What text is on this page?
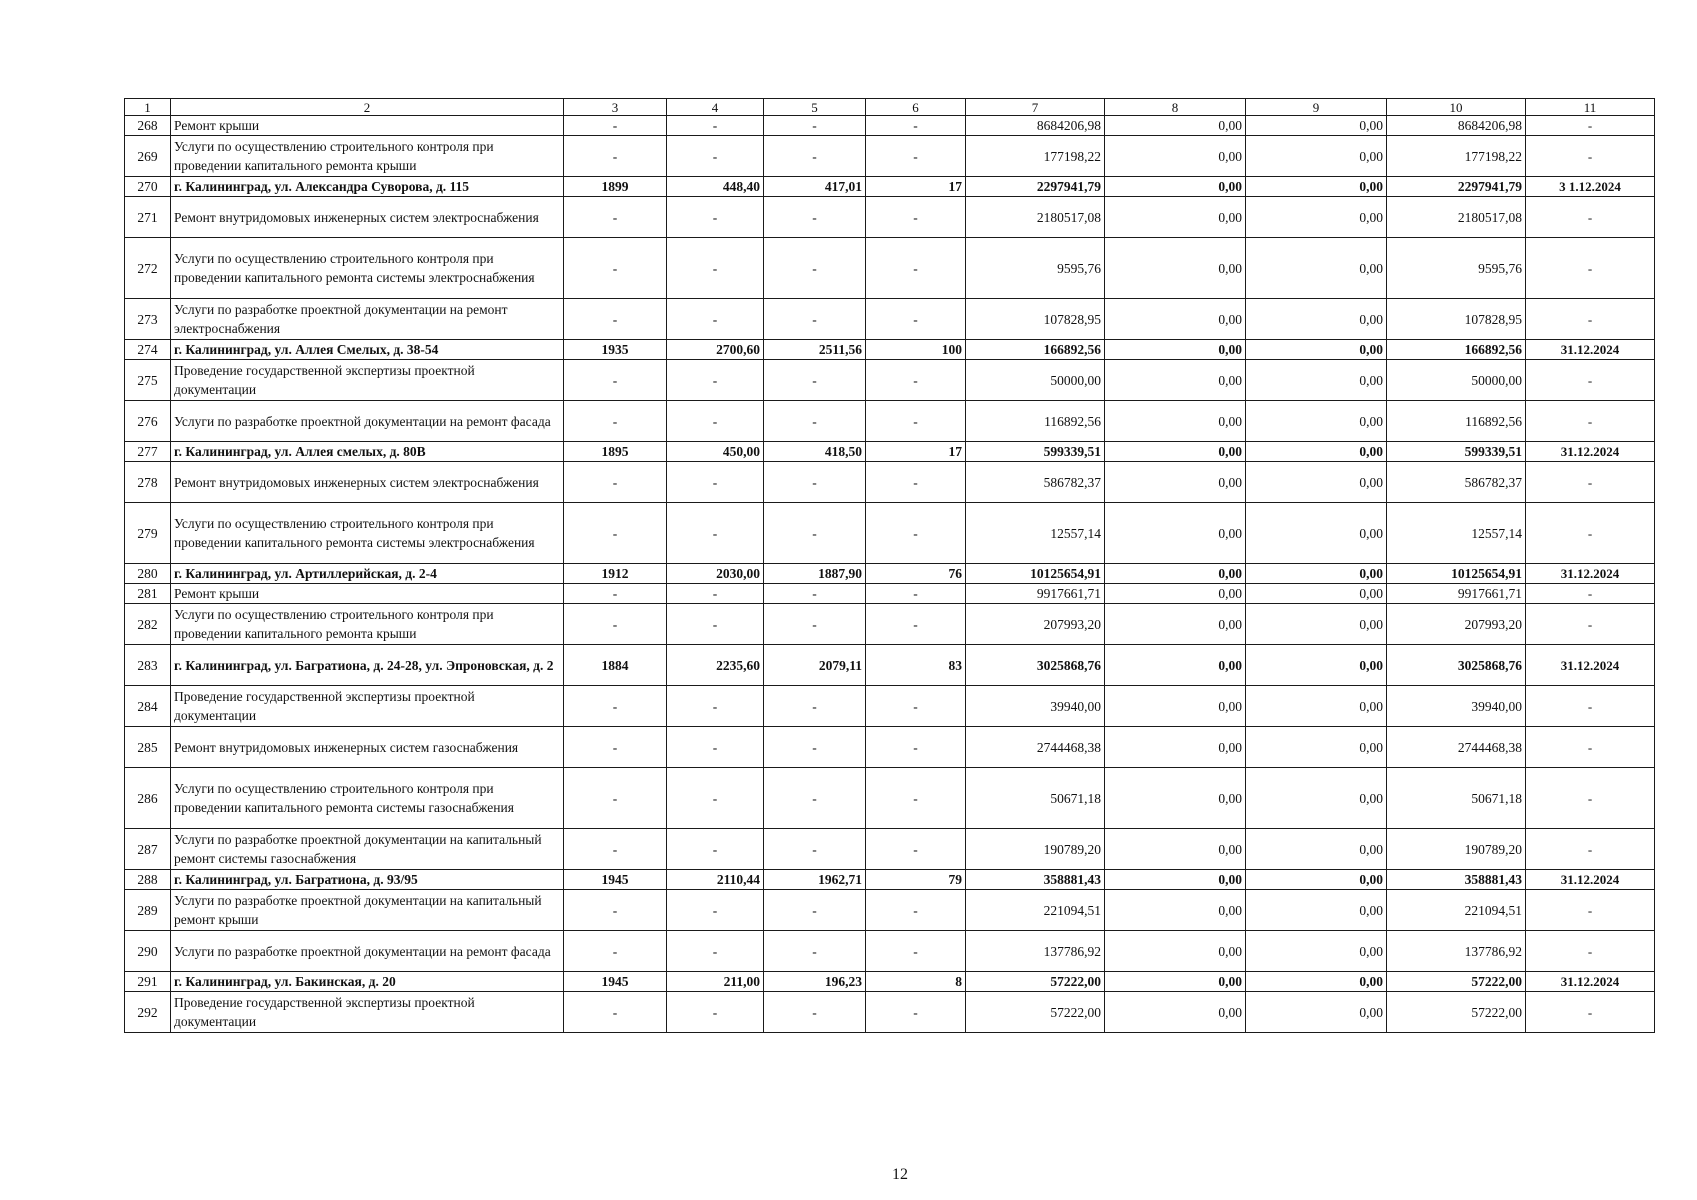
1	2	3	4	5	6	7	8	9	10	11
268	Ремонт крыши	-	-	-	-	8684206,98	0,00	0,00	8684206,98	-
269	Услуги по осуществлению строительного контроля при проведении капитального ремонта крыши	-	-	-	-	177198,22	0,00	0,00	177198,22	-
270	г. Калининград, ул. Александра Суворова, д. 115	1899	448,40	417,01	17	2297941,79	0,00	0,00	2297941,79	3 1.12.2024
271	Ремонт внутридомовых инженерных систем электроснабжения	-	-	-	-	2180517,08	0,00	0,00	2180517,08	-
272	Услуги по осуществлению строительного контроля при проведении капитального ремонта системы электроснабжения	-	-	-	-	9595,76	0,00	0,00	9595,76	-
273	Услуги по разработке проектной документации на ремонт электроснабжения	-	-	-	-	107828,95	0,00	0,00	107828,95	-
274	г. Калининград, ул. Аллея Смелых, д. 38-54	1935	2700,60	2511,56	100	166892,56	0,00	0,00	166892,56	31.12.2024
275	Проведение государственной экспертизы проектной документации	-	-	-	-	50000,00	0,00	0,00	50000,00	-
276	Услуги по разработке проектной документации на ремонт фасада	-	-	-	-	116892,56	0,00	0,00	116892,56	-
277	г. Калининград, ул. Аллея смелых, д. 80В	1895	450,00	418,50	17	599339,51	0,00	0,00	599339,51	31.12.2024
278	Ремонт внутридомовых инженерных систем электроснабжения	-	-	-	-	586782,37	0,00	0,00	586782,37	-
279	Услуги по осуществлению строительного контроля при проведении капитального ремонта системы электроснабжения	-	-	-	-	12557,14	0,00	0,00	12557,14	-
280	г. Калининград, ул. Артиллерийская, д. 2-4	1912	2030,00	1887,90	76	10125654,91	0,00	0,00	10125654,91	31.12.2024
281	Ремонт крыши	-	-	-	-	9917661,71	0,00	0,00	9917661,71	-
282	Услуги по осуществлению строительного контроля при проведении капитального ремонта крыши	-	-	-	-	207993,20	0,00	0,00	207993,20	-
283	г. Калининград, ул. Багратиона, д. 24-28, ул. Эпроновская, д. 2	1884	2235,60	2079,11	83	3025868,76	0,00	0,00	3025868,76	31.12.2024
284	Проведение государственной экспертизы проектной документации	-	-	-	-	39940,00	0,00	0,00	39940,00	-
285	Ремонт внутридомовых инженерных систем газоснабжения	-	-	-	-	2744468,38	0,00	0,00	2744468,38	-
286	Услуги по осуществлению строительного контроля при проведении капитального ремонта системы газоснабжения	-	-	-	-	50671,18	0,00	0,00	50671,18	-
287	Услуги по разработке проектной документации на капитальный ремонт системы газоснабжения	-	-	-	-	190789,20	0,00	0,00	190789,20	-
288	г. Калининград, ул. Багратиона, д. 93/95	1945	2110,44	1962,71	79	358881,43	0,00	0,00	358881,43	31.12.2024
289	Услуги по разработке проектной документации на капитальный ремонт крыши	-	-	-	-	221094,51	0,00	0,00	221094,51	-
290	Услуги по разработке проектной документации на ремонт фасада	-	-	-	-	137786,92	0,00	0,00	137786,92	-
291	г. Калининград, ул. Бакинская, д. 20	1945	211,00	196,23	8	57222,00	0,00	0,00	57222,00	31.12.2024
292	Проведение государственной экспертизы проектной документации	-	-	-	-	57222,00	0,00	0,00	57222,00	-
12
